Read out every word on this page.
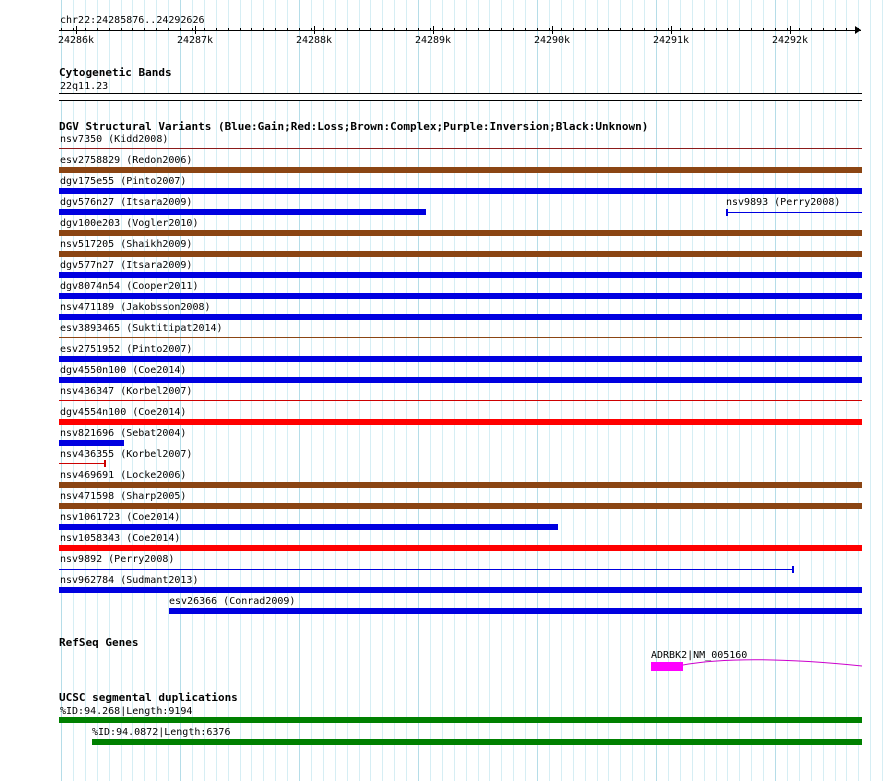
chr22:24285876..24292626
24286k	24287k	24288k	24289k	24290k	24291k	24292k
Cytogenetic Bands
22q11.23
DGV Structural Variants (Blue:Gain;Red:Loss;Brown:Complex;Purple:Inversion;Black:Unknown)
nsv7350 (Kidd2008)
esv2758829 (Redon2006)
dgv175e55 (Pinto2007)
dgv576n27 (Itsara2009)	nsv9893 (Perry2008)
dgv100e203 (Vogler2010)
nsv517205 (Shaikh2009)
dgv577n27 (Itsara2009)
dgv8074n54 (Cooper2011)
nsv471189 (Jakobsson2008)
esv3893465 (Suktitipat2014)
esv2751952 (Pinto2007)
dgv4550n100 (Coe2014)
nsv436347 (Korbel2007)
dgv4554n100 (Coe2014)
nsv821696 (Sebat2004)
nsv436355 (Korbel2007)
nsv469691 (Locke2006)
nsv471598 (Sharp2005)
nsv1061723 (Coe2014)
nsv1058343 (Coe2014)
nsv9892 (Perry2008)
nsv962784 (Sudmant2013)
esv26366 (Conrad2009)
RefSeq Genes
ADRBK2|NM_005160
UCSC segmental duplications
%ID:94.268|Length:9194
%ID:94.0872|Length:6376
